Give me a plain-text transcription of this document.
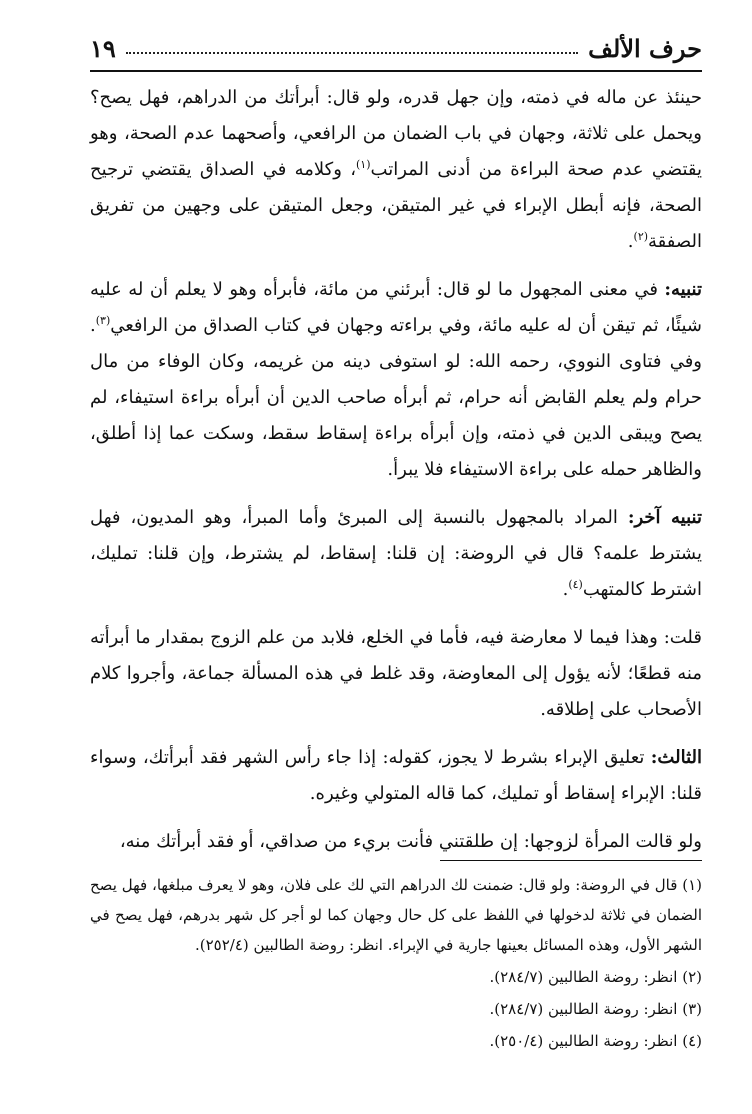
حرف الألف
١٩

حينئذ عن ماله في ذمته، وإن جهل قدره، ولو قال: أبرأتك من الدراهم، فهل يصح؟ ويحمل على ثلاثة، وجهان في باب الضمان من الرافعي، وأصحهما عدم الصحة، وهو يقتضي عدم صحة البراءة من أدنى المراتب$^{(١)}$، وكلامه في الصداق يقتضي ترجيح الصحة، فإنه أبطل الإبراء في غير المتيقن، وجعل المتيقن على وجهين من تفريق الصفقة$^{(٢)}$.

تنبيه: في معنى المجهول ما لو قال: أبرئني من مائة، فأبرأه وهو لا يعلم أن له عليه شيئًا، ثم تيقن أن له عليه مائة، وفي براءته وجهان في كتاب الصداق من الرافعي$^{(٣)}$. وفي فتاوى النووي، رحمه الله: لو استوفى دينه من غريمه، وكان الوفاء من مال حرام ولم يعلم القابض أنه حرام، ثم أبرأه صاحب الدين أن أبرأه براءة استيفاء، لم يصح ويبقى الدين في ذمته، وإن أبرأه براءة إسقاط سقط، وسكت عما إذا أطلق، والظاهر حمله على براءة الاستيفاء فلا يبرأ.

تنبيه آخر: المراد بالمجهول بالنسبة إلى المبرئ وأما المبرأ، وهو المديون، فهل يشترط علمه؟ قال في الروضة: إن قلنا: إسقاط، لم يشترط، وإن قلنا: تمليك، اشترط كالمتهب$^{(٤)}$.

قلت: وهذا فيما لا معارضة فيه، فأما في الخلع، فلابد من علم الزوج بمقدار ما أبرأته منه قطعًا؛ لأنه يؤول إلى المعاوضة، وقد غلط في هذه المسألة جماعة، وأجروا كلام الأصحاب على إطلاقه.

الثالث: تعليق الإبراء بشرط لا يجوز، كقوله: إذا جاء رأس الشهر فقد أبرأتك، وسواء قلنا: الإبراء إسقاط أو تمليك، كما قاله المتولي وغيره.

ولو قالت المرأة لزوجها: إن طلقتني فأنت بريء من صداقي، أو فقد أبرأتك منه،

(١) قال في الروضة: ولو قال: ضمنت لك الدراهم التي لك على فلان، وهو لا يعرف مبلغها، فهل يصح الضمان في ثلاثة لدخولها في اللفظ على كل حال وجهان كما لو أجر كل شهر بدرهم، فهل يصح في الشهر الأول، وهذه المسائل بعينها جارية في الإبراء. انظر: روضة الطالبين (٢٥٢/٤).

(٢) انظر: روضة الطالبين (٢٨٤/٧).

(٣) انظر: روضة الطالبين (٢٨٤/٧).

(٤) انظر: روضة الطالبين (٢٥٠/٤).
